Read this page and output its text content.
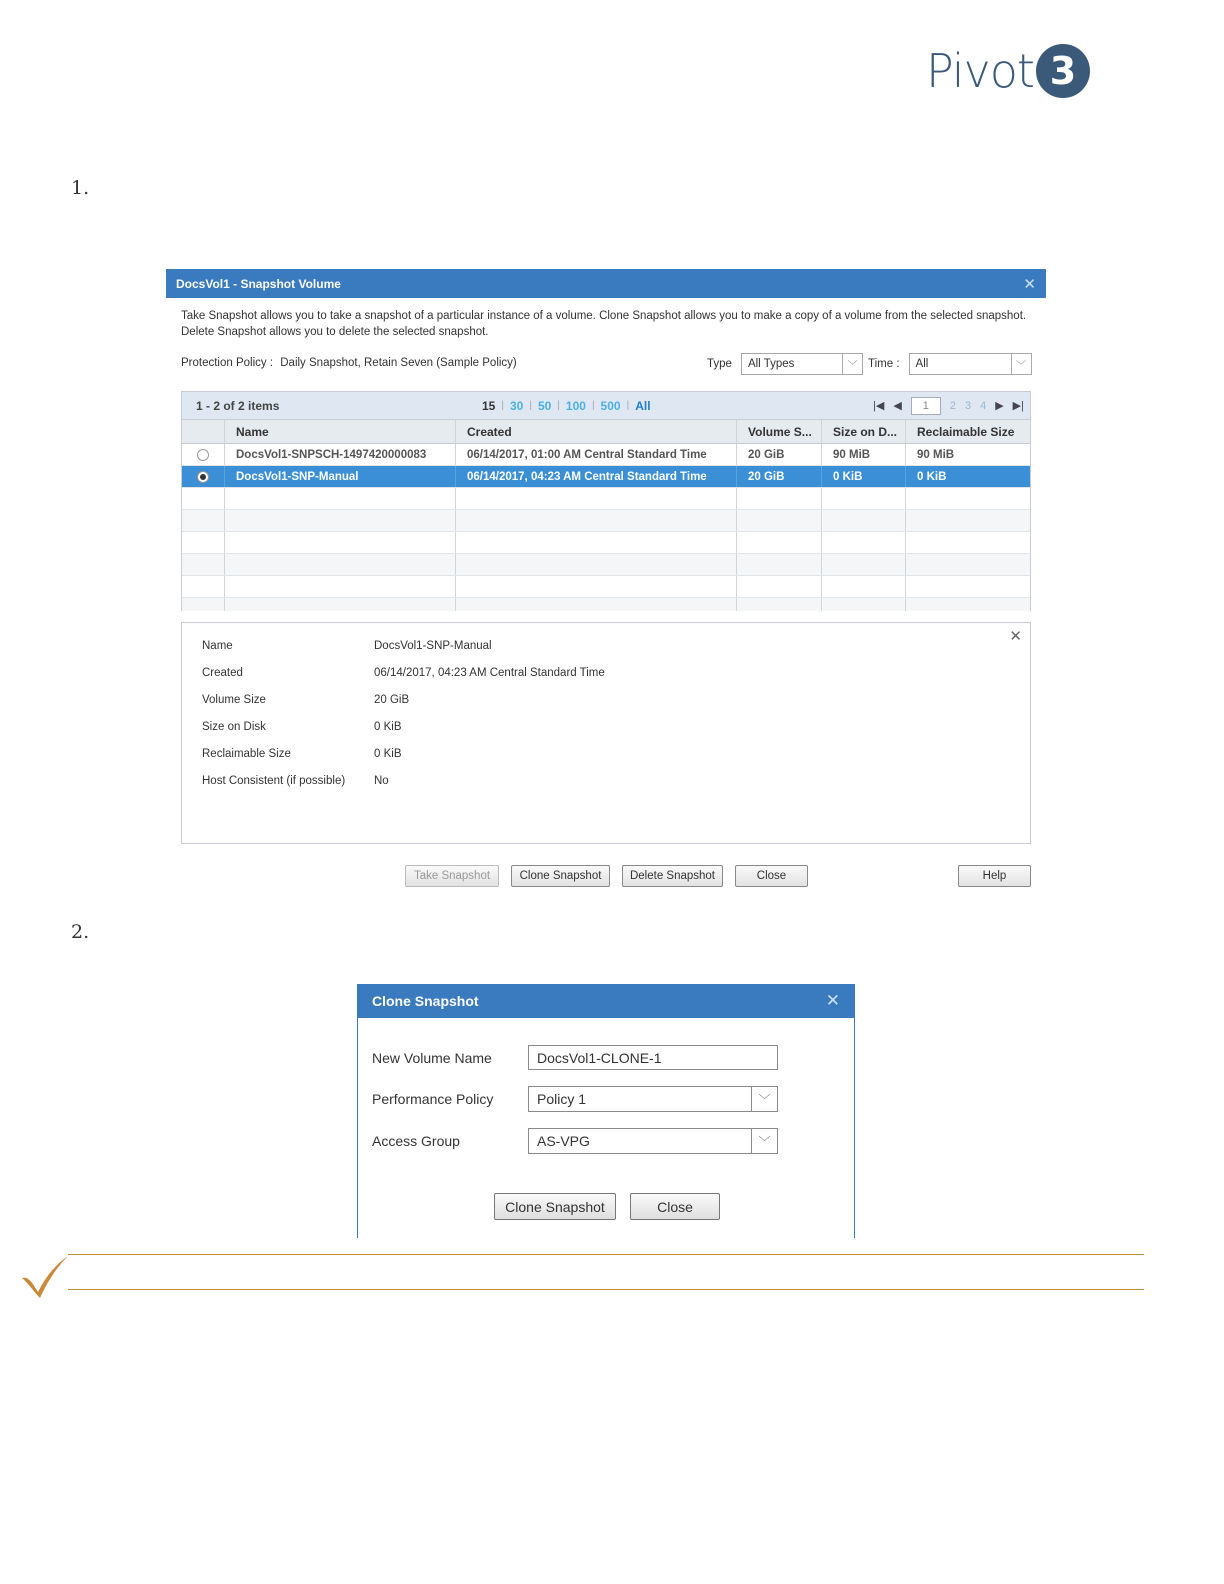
Pivot 3
1.
DocsVol1 - Snapshot Volume	✕
Take Snapshot allows you to take a snapshot of a particular instance of a volume. Clone Snapshot allows you to make a copy of a volume from the selected snapshot. Delete Snapshot allows you to delete the selected snapshot.
Protection Policy : Daily Snapshot, Retain Seven (Sample Policy)	Type	All Types	﹀ Time :	All	﹀
1 - 2 of 2 items	15 | 30 | 50 | 100 | 500 | All	|◀ ◀	1	2 3 4 ▶ ▶|
Name	Created	Volume S...	Size on D...	Reclaimable Size
DocsVol1-SNPSCH-1497420000083	06/14/2017, 01:00 AM Central Standard Time	20 GiB	90 MiB	90 MiB
DocsVol1-SNP-Manual	06/14/2017, 04:23 AM Central Standard Time	20 GiB	0 KiB	0 KiB
✕
Name	DocsVol1-SNP-Manual
Created	06/14/2017, 04:23 AM Central Standard Time
Volume Size	20 GiB
Size on Disk	0 KiB
Reclaimable Size	0 KiB
Host Consistent (if possible)	No
Take Snapshot	Clone Snapshot	Delete Snapshot	Close	Help
2.
Clone Snapshot	✕
New Volume Name	DocsVol1-CLONE-1
Performance Policy	Policy 1	﹀
Access Group	AS-VPG	﹀
Clone Snapshot	Close
